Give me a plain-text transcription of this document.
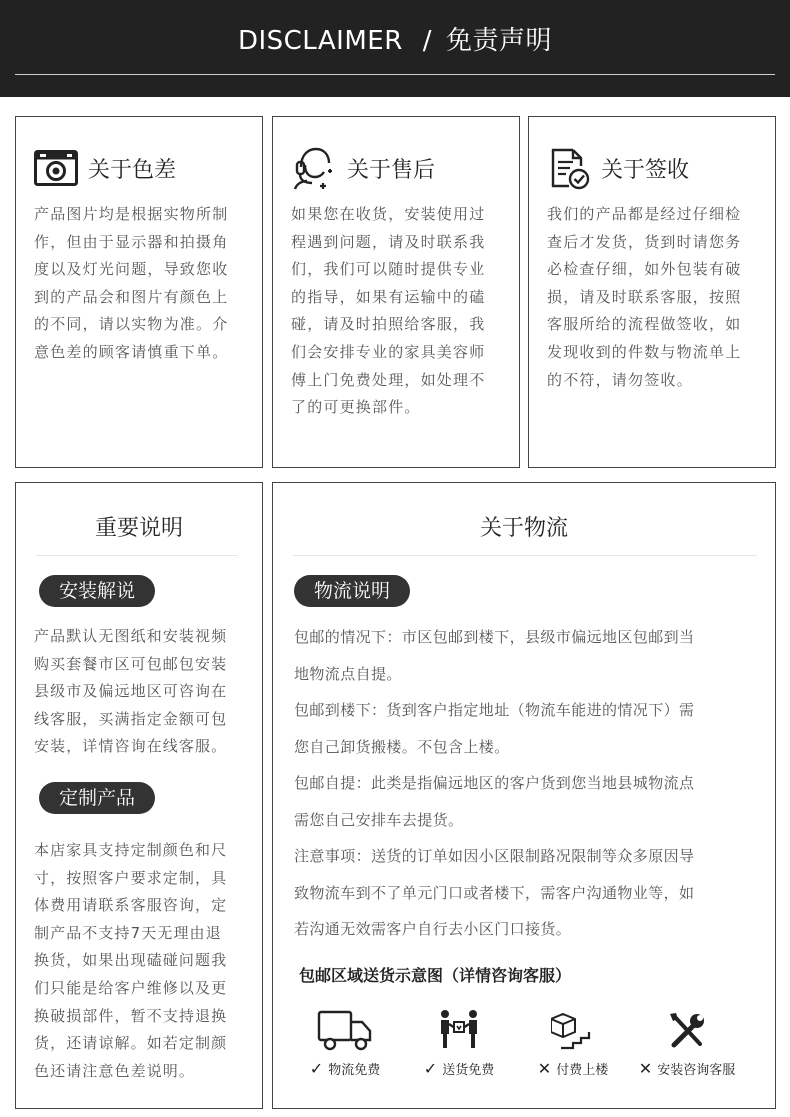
DISCLAIMER / 免责声明
关于色差
产品图片均是根据实物所制
作，但由于显示器和拍摄角
度以及灯光问题，导致您收
到的产品会和图片有颜色上
的不同，请以实物为准。介
意色差的顾客请慎重下单。
关于售后
如果您在收货，安装使用过
程遇到问题，请及时联系我
们，我们可以随时提供专业
的指导，如果有运输中的磕
碰，请及时拍照给客服，我
们会安排专业的家具美容师
傅上门免费处理，如处理不
了的可更换部件。
关于签收
我们的产品都是经过仔细检
查后才发货，货到时请您务
必检查仔细，如外包装有破
损，请及时联系客服，按照
客服所给的流程做签收，如
发现收到的件数与物流单上
的不符，请勿签收。
重要说明
安装解说
产品默认无图纸和安装视频
购买套餐市区可包邮包安装
县级市及偏远地区可咨询在
线客服，买满指定金额可包
安装，详情咨询在线客服。
定制产品
本店家具支持定制颜色和尺
寸，按照客户要求定制，具
体费用请联系客服咨询，定
制产品不支持7天无理由退
换货，如果出现磕碰问题我
们只能是给客户维修以及更
换破损部件，暂不支持退换
货，还请谅解。如若定制颜
色还请注意色差说明。
关于物流
物流说明
包邮的情况下：市区包邮到楼下，县级市偏远地区包邮到当
地物流点自提。
包邮到楼下：货到客户指定地址（物流车能进的情况下）需
您自己卸货搬楼。不包含上楼。
包邮自提：此类是指偏远地区的客户货到您当地县城物流点
需您自己安排车去提货。
注意事项：送货的订单如因小区限制路况限制等众多原因导
致物流车到不了单元门口或者楼下，需客户沟通物业等，如
若沟通无效需客户自行去小区门口接货。
包邮区域送货示意图（详情咨询客服）
✓ 物流免费	✓ 送货免费	✕ 付费上楼 ✕ 安装咨询客服
